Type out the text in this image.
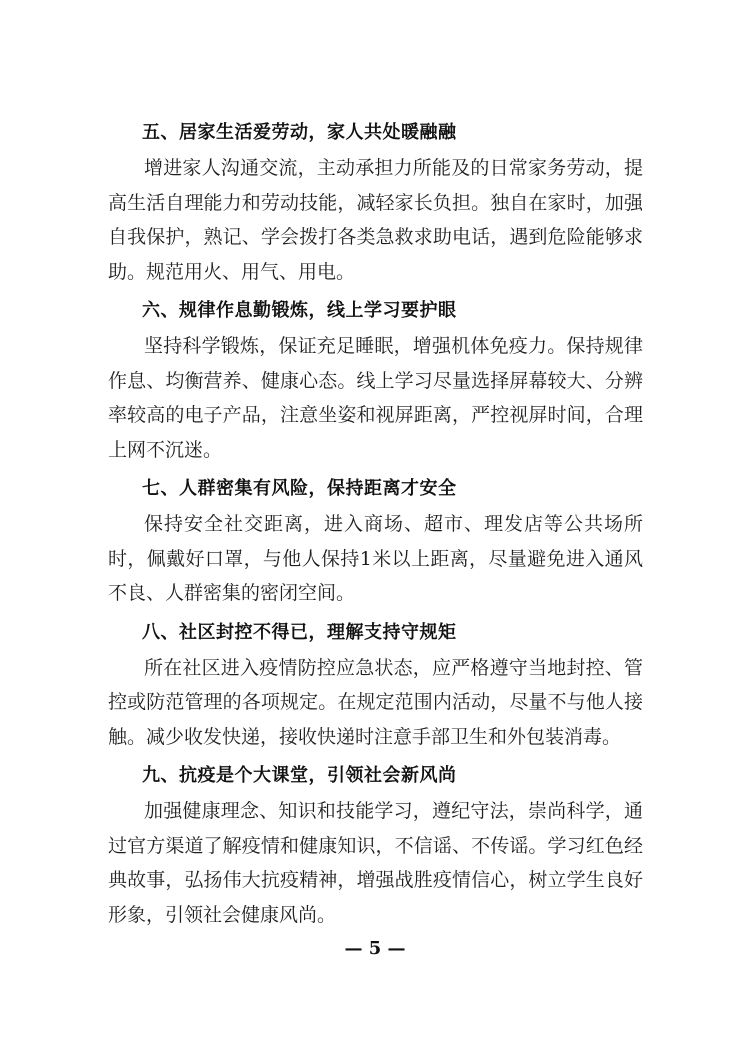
五、居家生活爱劳动，家人共处暖融融

增进家人沟通交流，主动承担力所能及的日常家务劳动，提高生活自理能力和劳动技能，减轻家长负担。独自在家时，加强自我保护，熟记、学会拨打各类急救求助电话，遇到危险能够求助。规范用火、用气、用电。

六、规律作息勤锻炼，线上学习要护眼

坚持科学锻炼，保证充足睡眠，增强机体免疫力。保持规律作息、均衡营养、健康心态。线上学习尽量选择屏幕较大、分辨率较高的电子产品，注意坐姿和视屏距离，严控视屏时间，合理上网不沉迷。

七、人群密集有风险，保持距离才安全

保持安全社交距离，进入商场、超市、理发店等公共场所时，佩戴好口罩，与他人保持1米以上距离，尽量避免进入通风不良、人群密集的密闭空间。

八、社区封控不得已，理解支持守规矩

所在社区进入疫情防控应急状态，应严格遵守当地封控、管控或防范管理的各项规定。在规定范围内活动，尽量不与他人接触。减少收发快递，接收快递时注意手部卫生和外包装消毒。

九、抗疫是个大课堂，引领社会新风尚

加强健康理念、知识和技能学习，遵纪守法，崇尚科学，通过官方渠道了解疫情和健康知识，不信谣、不传谣。学习红色经典故事，弘扬伟大抗疫精神，增强战胜疫情信心，树立学生良好形象，引领社会健康风尚。

— 5 —
